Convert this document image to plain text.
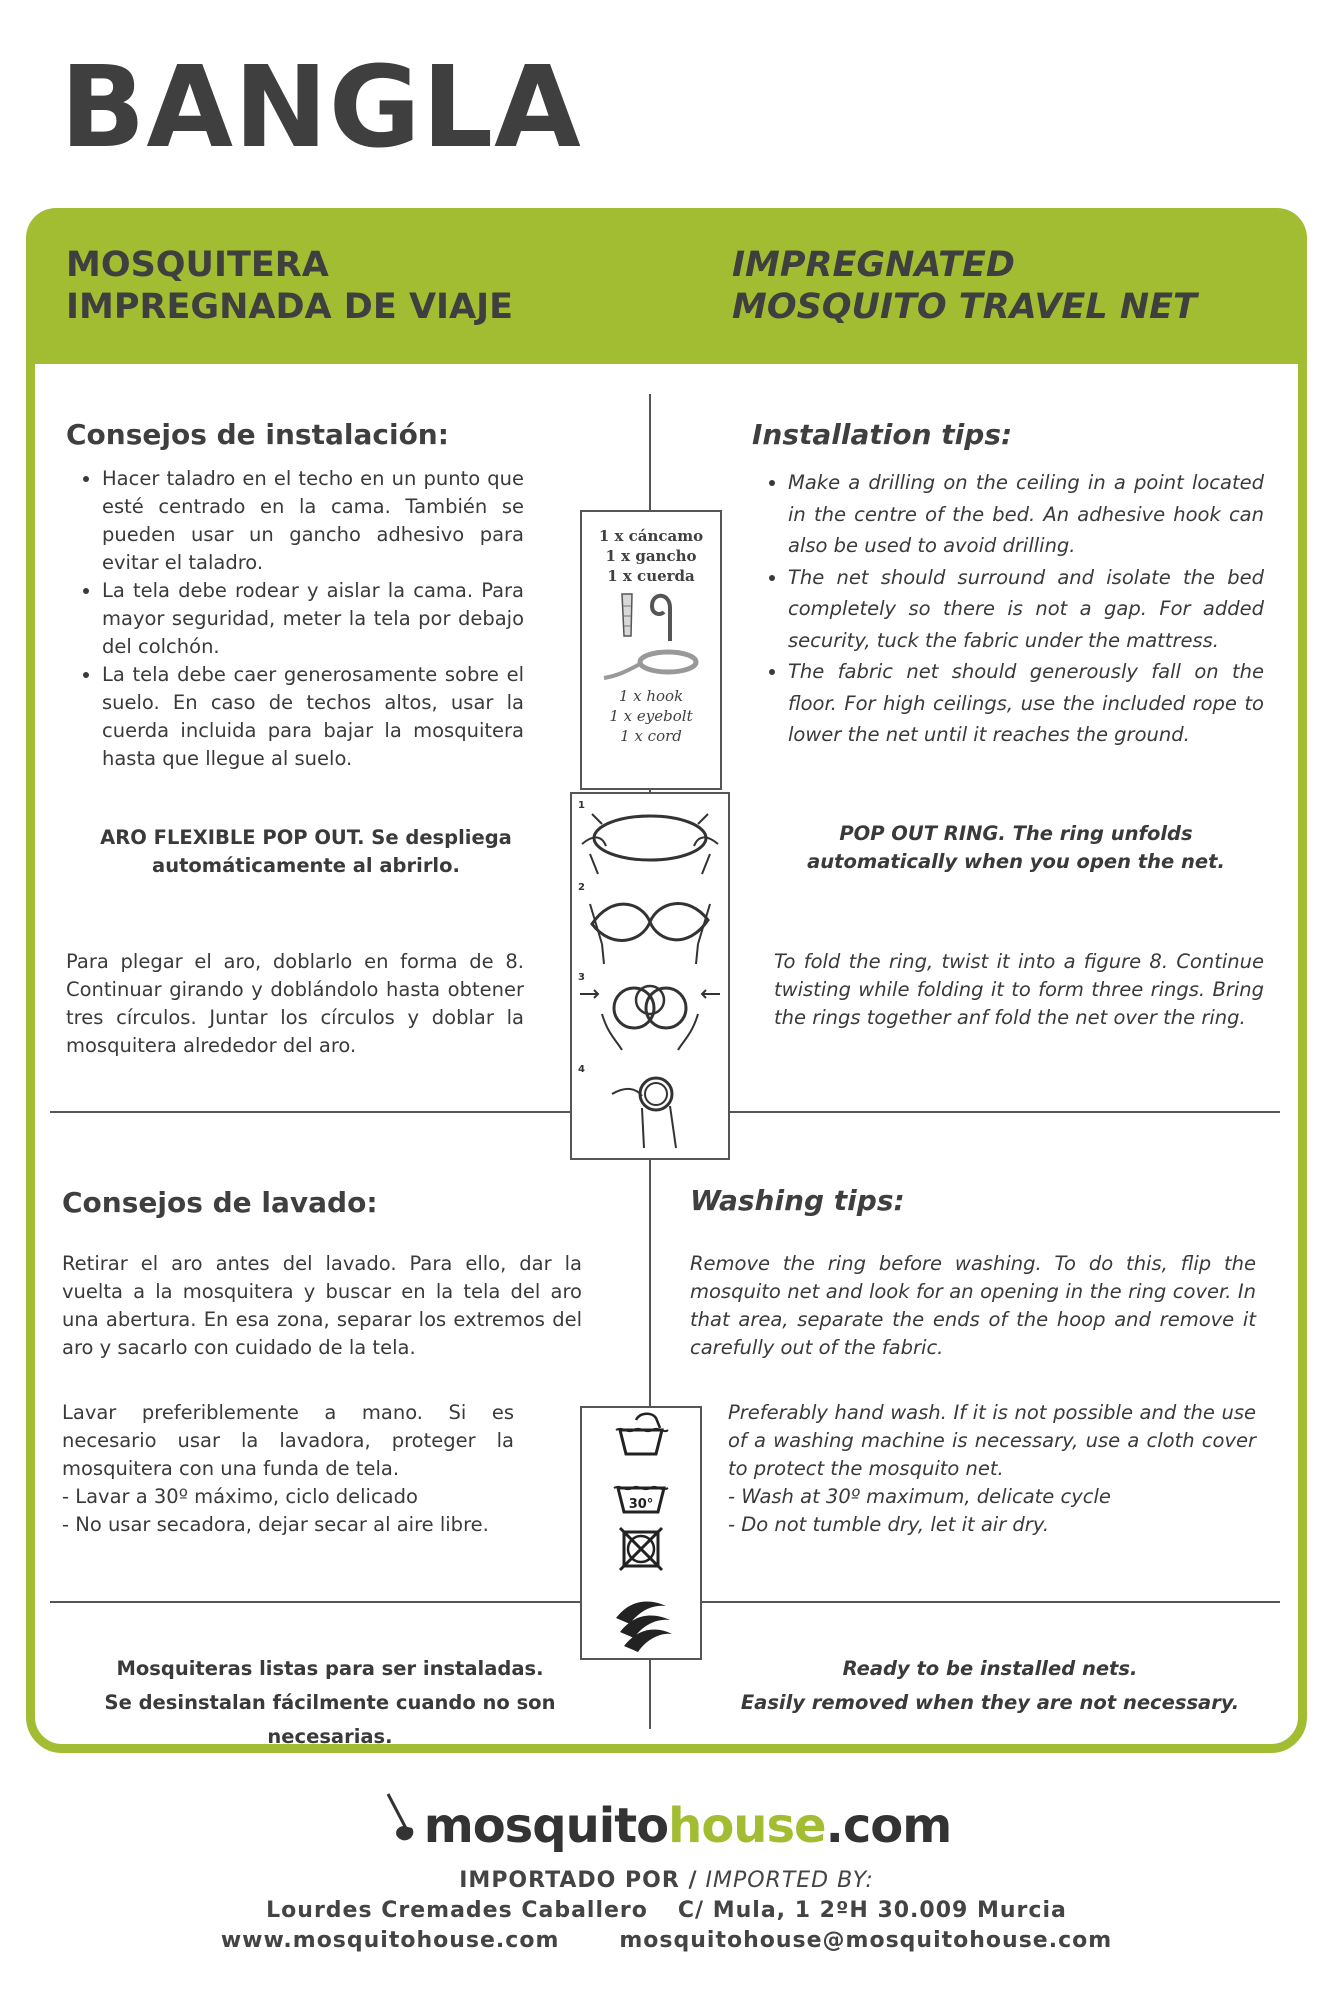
BANGLA
MOSQUITERA
IMPREGNADA DE VIAJE
IMPREGNATED
MOSQUITO TRAVEL NET
Consejos de instalación:
• Hacer taladro en el techo en un punto que esté centrado en la cama. También se pueden usar un gancho adhesivo para evitar el taladro.
• La tela debe rodear y aislar la cama. Para mayor seguridad, meter la tela por debajo del colchón.
• La tela debe caer generosamente sobre el suelo. En caso de techos altos, usar la cuerda incluida para bajar la mosquitera hasta que llegue al suelo.
Installation tips:
• Make a drilling on the ceiling in a point located in the centre of the bed. An adhesive hook can also be used to avoid drilling.
• The net should surround and isolate the bed completely so there is not a gap. For added security, tuck the fabric under the mattress.
• The fabric net should generously fall on the floor. For high ceilings, use the included rope to lower the net until it reaches the ground.
1 x cáncamo
1 x gancho
1 x cuerda
1 x hook
1 x eyebolt
1 x cord
1
2
3
4
ARO FLEXIBLE POP OUT. Se despliega automáticamente al abrirlo.
POP OUT RING. The ring unfolds automatically when you open the net.
Para plegar el aro, doblarlo en forma de 8. Continuar girando y doblándolo hasta obtener tres círculos. Juntar los círculos y doblar la mosquitera alrededor del aro.
To fold the ring, twist it into a figure 8. Continue twisting while folding it to form three rings. Bring the rings together anf fold the net over the ring.
Consejos de lavado:	Washing tips:
Retirar el aro antes del lavado. Para ello, dar la vuelta a la mosquitera y buscar en la tela del aro una abertura. En esa zona, separar los extremos del aro y sacarlo con cuidado de la tela.
Remove the ring before washing. To do this, flip the mosquito net and look for an opening in the ring cover. In that area, separate the ends of the hoop and remove it carefully out of the fabric.
Lavar preferiblemente a mano. Si es necesario usar la lavadora, proteger la mosquitera con una funda de tela.
- Lavar a 30º máximo, ciclo delicado
- No usar secadora, dejar secar al aire libre.
Preferably hand wash. If it is not possible and the use of a washing machine is necessary, use a cloth cover to protect the mosquito net.
- Wash at 30º maximum, delicate cycle
- Do not tumble dry, let it air dry.
30°
Mosquiteras listas para ser instaladas.
Se desinstalan fácilmente cuando no son necesarias.
Ready to be installed nets.
Easily removed when they are not necessary.
mosquitohouse.com
IMPORTADO POR / IMPORTED BY:
Lourdes Cremades Caballero C/ Mula, 1 2ºH 30.009 Murcia
www.mosquitohouse.com	mosquitohouse@mosquitohouse.com
